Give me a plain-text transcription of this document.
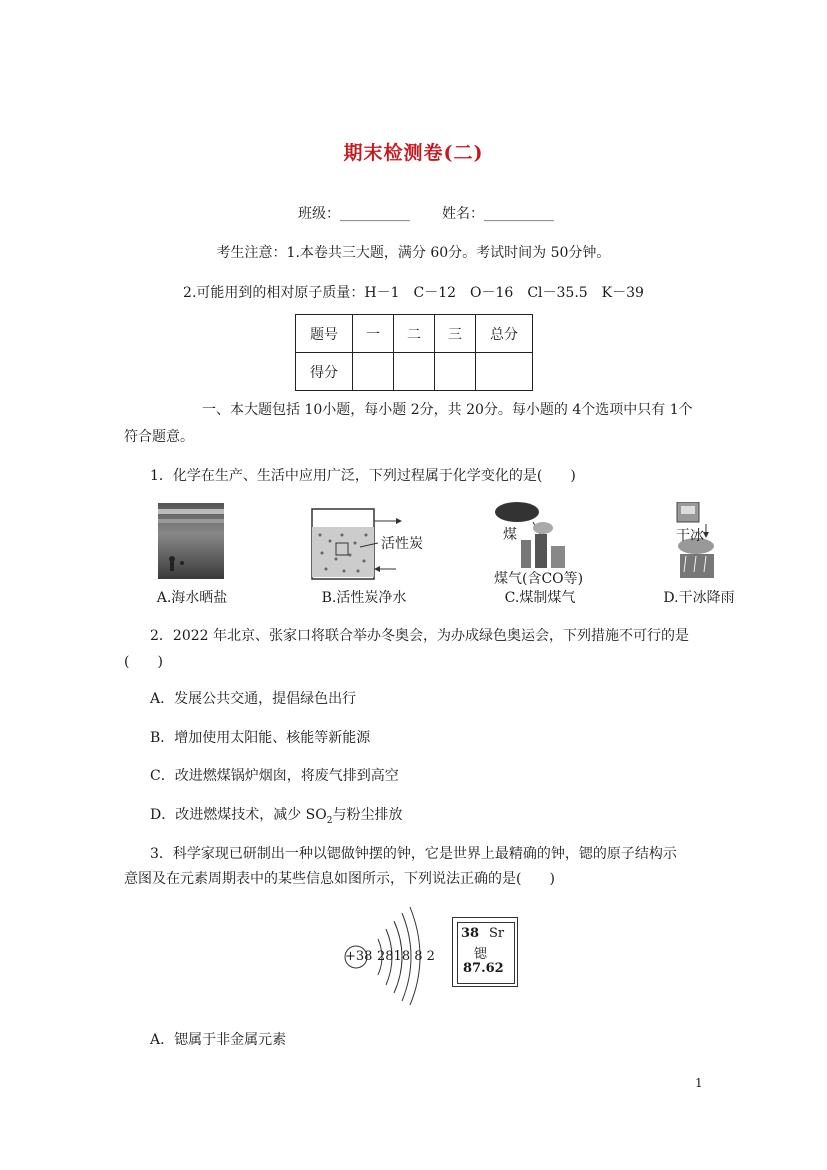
期末检测卷(二)
班级：__________ 姓名：__________
考生注意：1.本卷共三大题，满分 60分。考试时间为 50分钟。
2.可能用到的相对原子质量：H－1　C－12　O－16　Cl－35.5　K－39
题号	一	二	三	总分
得分				
一、本大题包括 10小题，每小题 2分，共 20分。每小题的 4个选项中只有 1个
符合题意。
1．化学在生产、生活中应用广泛，下列过程属于化学变化的是(　　)
活性炭
煤
煤气(含CO等)
干冰
A.海水晒盐	B.活性炭净水	C.煤制煤气	D.干冰降雨
2．2022 年北京、张家口将联合举办冬奥会，为办成绿色奥运会，下列措施不可行的是
(　　)
A．发展公共交通，提倡绿色出行
B．增加使用太阳能、核能等新能源
C．改进燃煤锅炉烟囱，将废气排到高空
D．改进燃煤技术，减少 $SO_2$与粉尘排放
3．科学家现已研制出一种以锶做钟摆的钟，它是世界上最精确的钟，锶的原子结构示
意图及在元素周期表中的某些信息如图所示，下列说法正确的是(　　)
+38 2818 8 2
38 Sr
锶
87.62
A．锶属于非金属元素
1
